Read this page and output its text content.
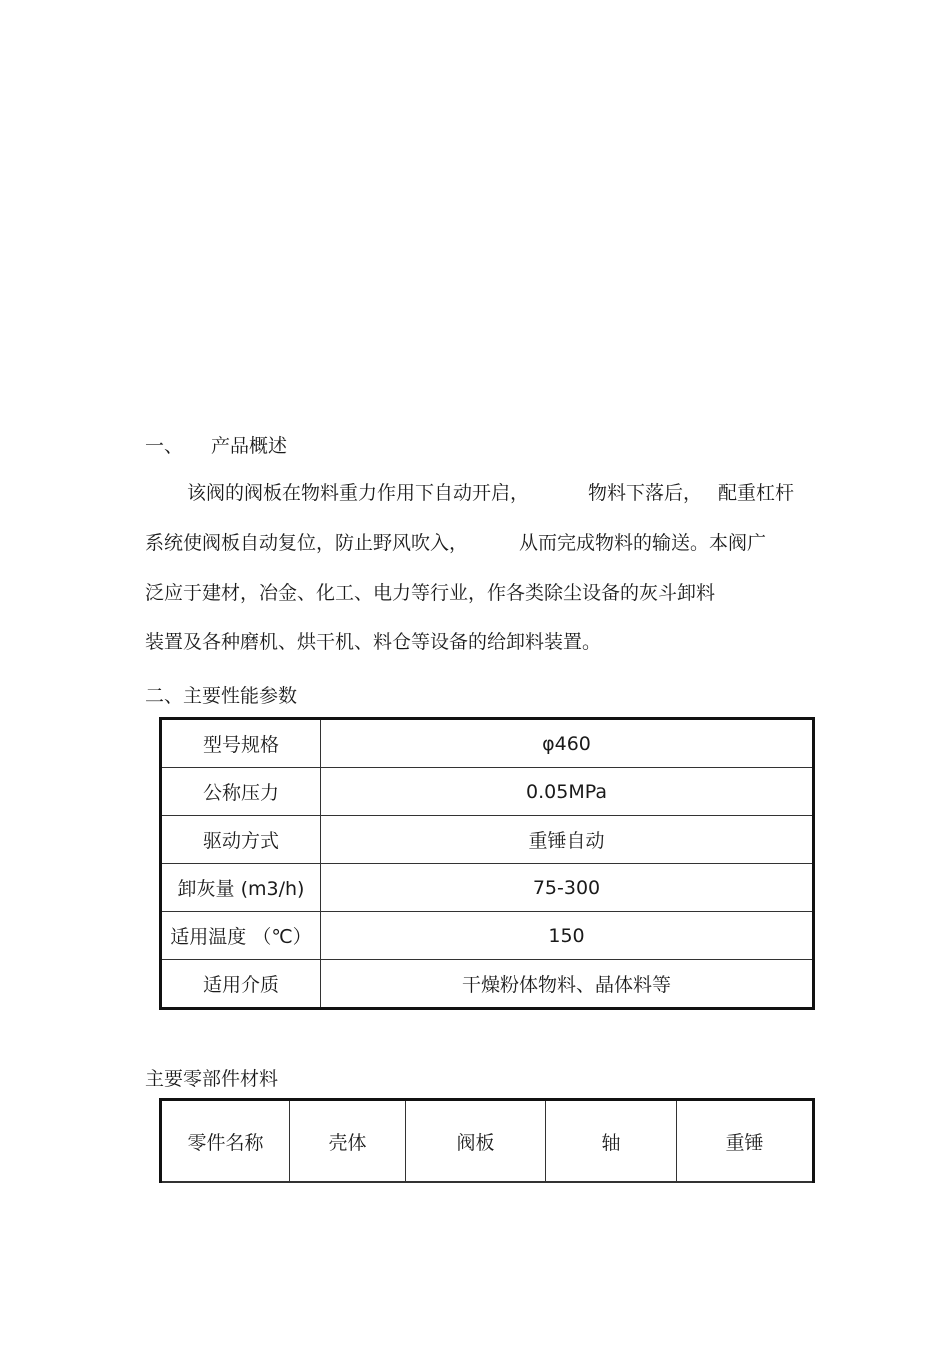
一、 产品概述
该阀的阀板在物料重力作用下自动开启，	物料下落后， 配重杠杆
系统使阀板自动复位，防止野风吹入，	从而完成物料的输送。本阀广
泛应于建材，冶金、化工、电力等行业，作各类除尘设备的灰斗卸料
装置及各种磨机、烘干机、料仓等设备的给卸料装置。
二、主要性能参数
型号规格	φ460
公称压力	0.05MPa
驱动方式	重锤自动
卸灰量 (m3/h)	75-300
适用温度 （℃）	150
适用介质	干燥粉体物料、晶体料等
主要零部件材料
零件名称	壳体	阀板	轴	重锤
